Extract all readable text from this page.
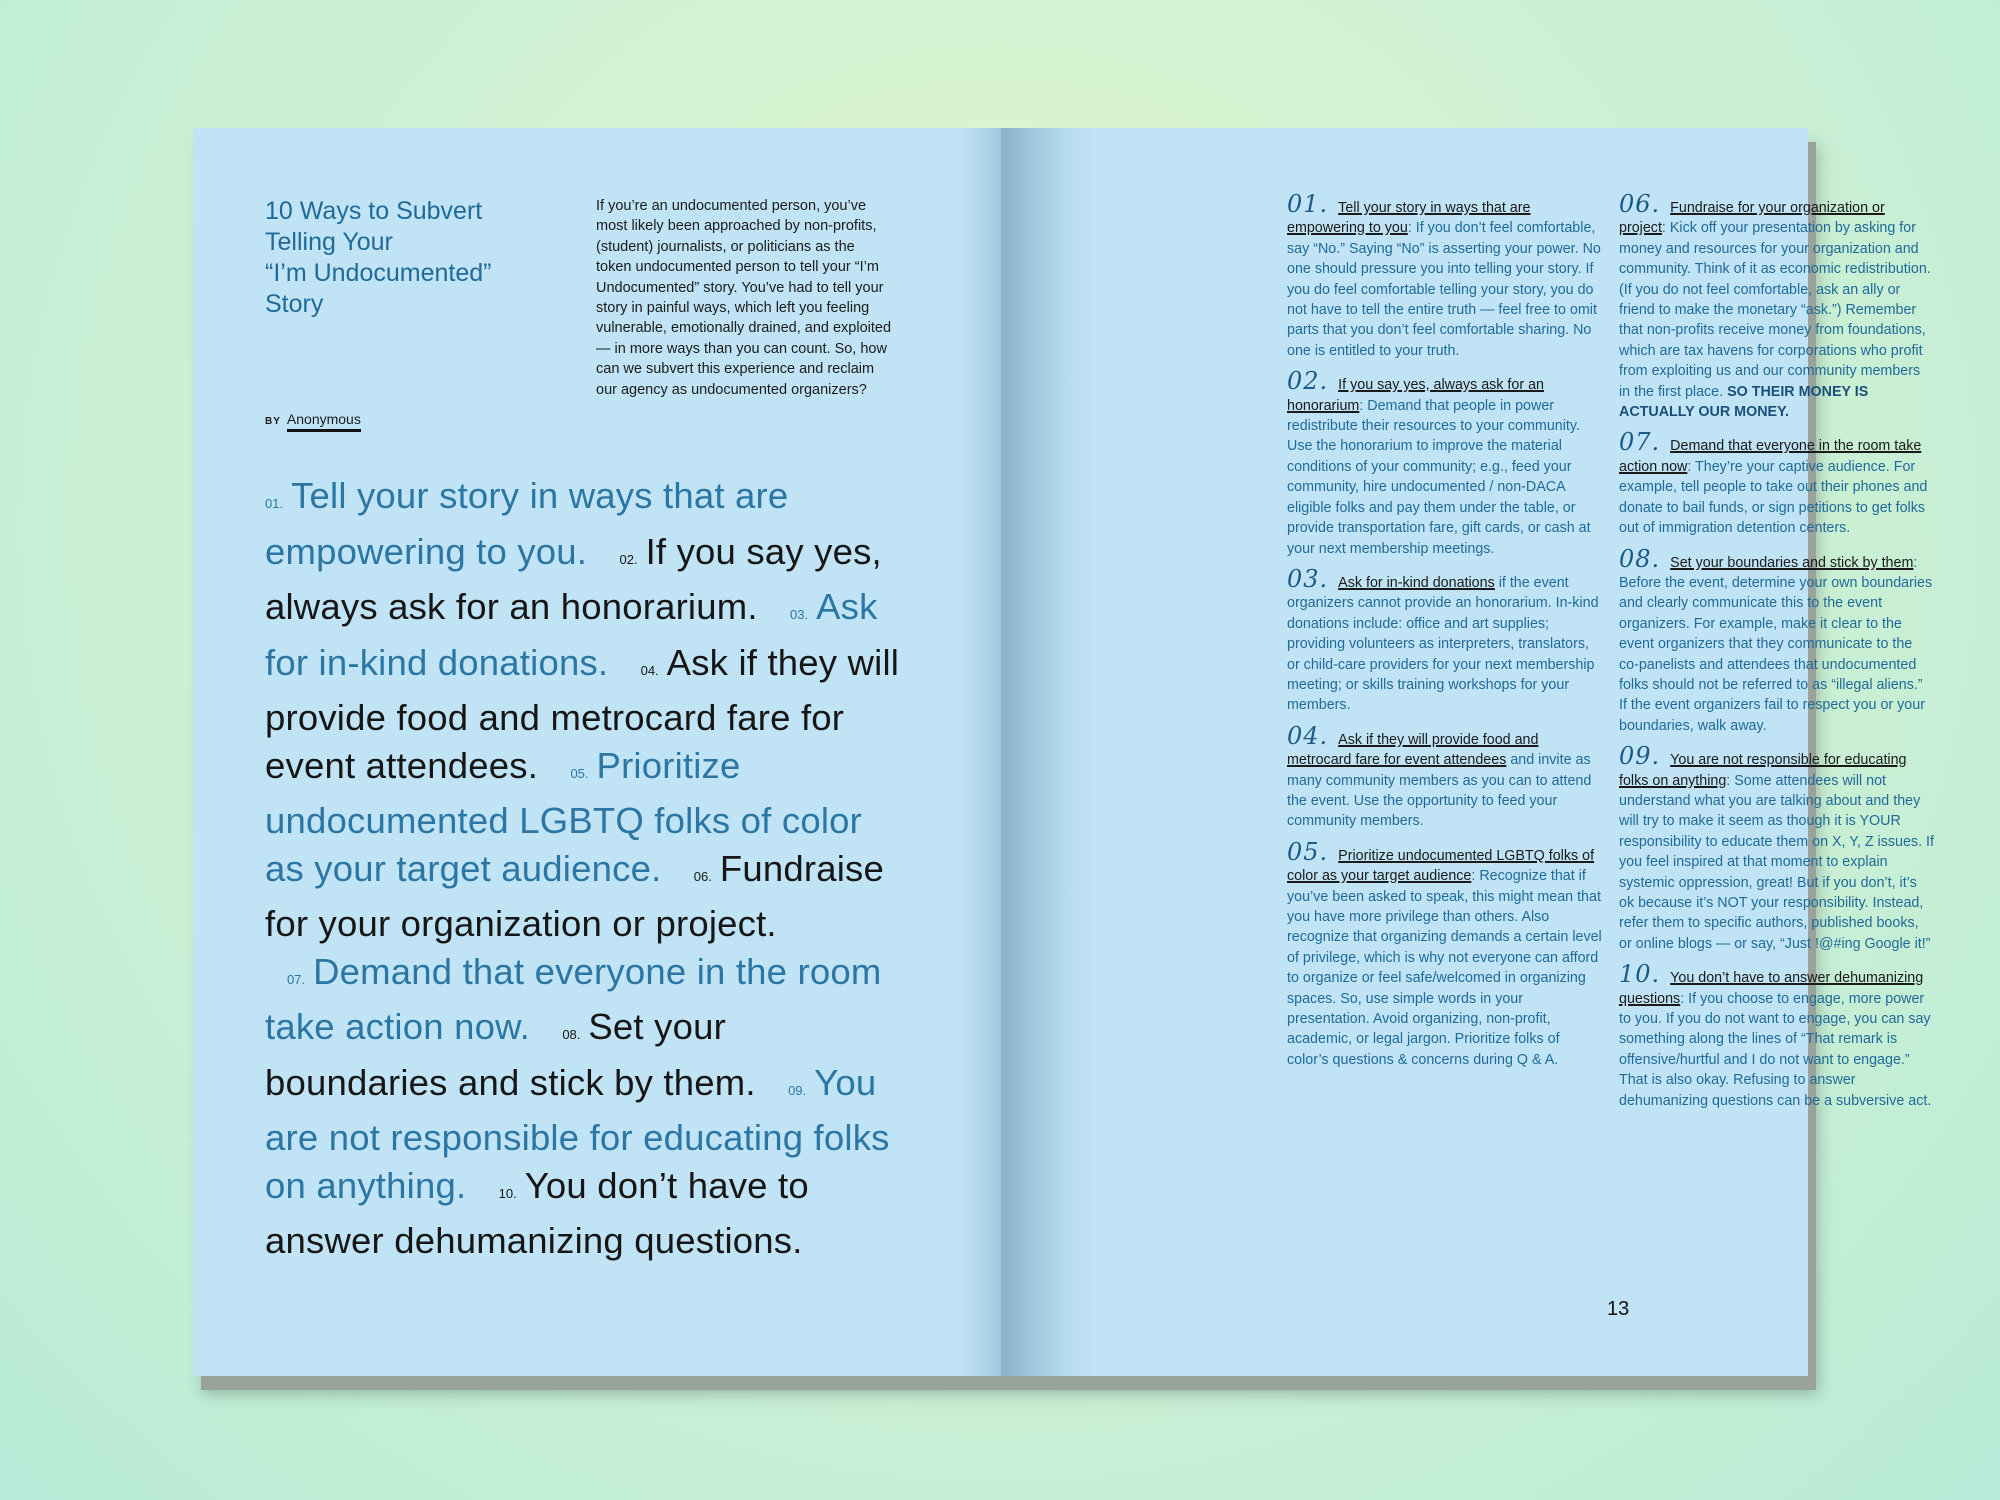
10 Ways to Subvert
Telling Your
“I’m Undocumented”
Story
BY Anonymous
If you’re an undocumented person, you’ve most likely been approached by non-profits, (student) journalists, or politicians as the token undocumented person to tell your “I’m Undocumented” story. You’ve had to tell your story in painful ways, which left you feeling vulnerable, emotionally drained, and exploited — in more ways than you can count. So, how can we subvert this experience and reclaim our agency as undocumented organizers?
01. Tell your story in ways that are empowering to you. 02. If you say yes, always ask for an honorarium. 03. Ask for in-kind donations. 04. Ask if they will provide food and metrocard fare for event attendees. 05. Prioritize undocumented LGBTQ folks of color as your target audience. 06. Fundraise for your organization or project. 07. Demand that everyone in the room take action now. 08. Set your boundaries and stick by them. 09. You are not responsible for educating folks on anything. 10. You don’t have to answer dehumanizing questions.
01. Tell your story in ways that are empowering to you: If you don’t feel comfortable, say “No.” Saying “No” is asserting your power. No one should pressure you into telling your story. If you do feel comfortable telling your story, you do not have to tell the entire truth — feel free to omit parts that you don’t feel comfortable sharing. No one is entitled to your truth.
02. If you say yes, always ask for an honorarium: Demand that people in power redistribute their resources to your community. Use the honorarium to improve the material conditions of your community; e.g., feed your community, hire undocumented / non-DACA eligible folks and pay them under the table, or provide transportation fare, gift cards, or cash at your next membership meetings.
03. Ask for in-kind donations if the event organizers cannot provide an honorarium. In-kind donations include: office and art supplies; providing volunteers as interpreters, translators, or child-care providers for your next membership meeting; or skills training workshops for your members.
04. Ask if they will provide food and metrocard fare for event attendees and invite as many community members as you can to attend the event. Use the opportunity to feed your community members.
05. Prioritize undocumented LGBTQ folks of color as your target audience: Recognize that if you’ve been asked to speak, this might mean that you have more privilege than others. Also recognize that organizing demands a certain level of privilege, which is why not everyone can afford to organize or feel safe/welcomed in organizing spaces. So, use simple words in your presentation. Avoid organizing, non-profit, academic, or legal jargon. Prioritize folks of color’s questions & concerns during Q & A.
06. Fundraise for your organization or project: Kick off your presentation by asking for money and resources for your organization and community. Think of it as economic redistribution. (If you do not feel comfortable, ask an ally or friend to make the monetary “ask.”) Remember that non-profits receive money from foundations, which are tax havens for corporations who profit from exploiting us and our community members in the first place. SO THEIR MONEY IS ACTUALLY OUR MONEY.
07. Demand that everyone in the room take action now: They’re your captive audience. For example, tell people to take out their phones and donate to bail funds, or sign petitions to get folks out of immigration detention centers.
08. Set your boundaries and stick by them: Before the event, determine your own boundaries and clearly communicate this to the event organizers. For example, make it clear to the event organizers that they communicate to the co-panelists and attendees that undocumented folks should not be referred to as “illegal aliens.” If the event organizers fail to respect you or your boundaries, walk away.
09. You are not responsible for educating folks on anything: Some attendees will not understand what you are talking about and they will try to make it seem as though it is YOUR responsibility to educate them on X, Y, Z issues. If you feel inspired at that moment to explain systemic oppression, great! But if you don’t, it’s ok because it’s NOT your responsibility. Instead, refer them to specific authors, published books, or online blogs — or say, “Just !@#ing Google it!”
10. You don’t have to answer dehumanizing questions: If you choose to engage, more power to you. If you do not want to engage, you can say something along the lines of “That remark is offensive/hurtful and I do not want to engage.” That is also okay. Refusing to answer dehumanizing questions can be a subversive act.
13
